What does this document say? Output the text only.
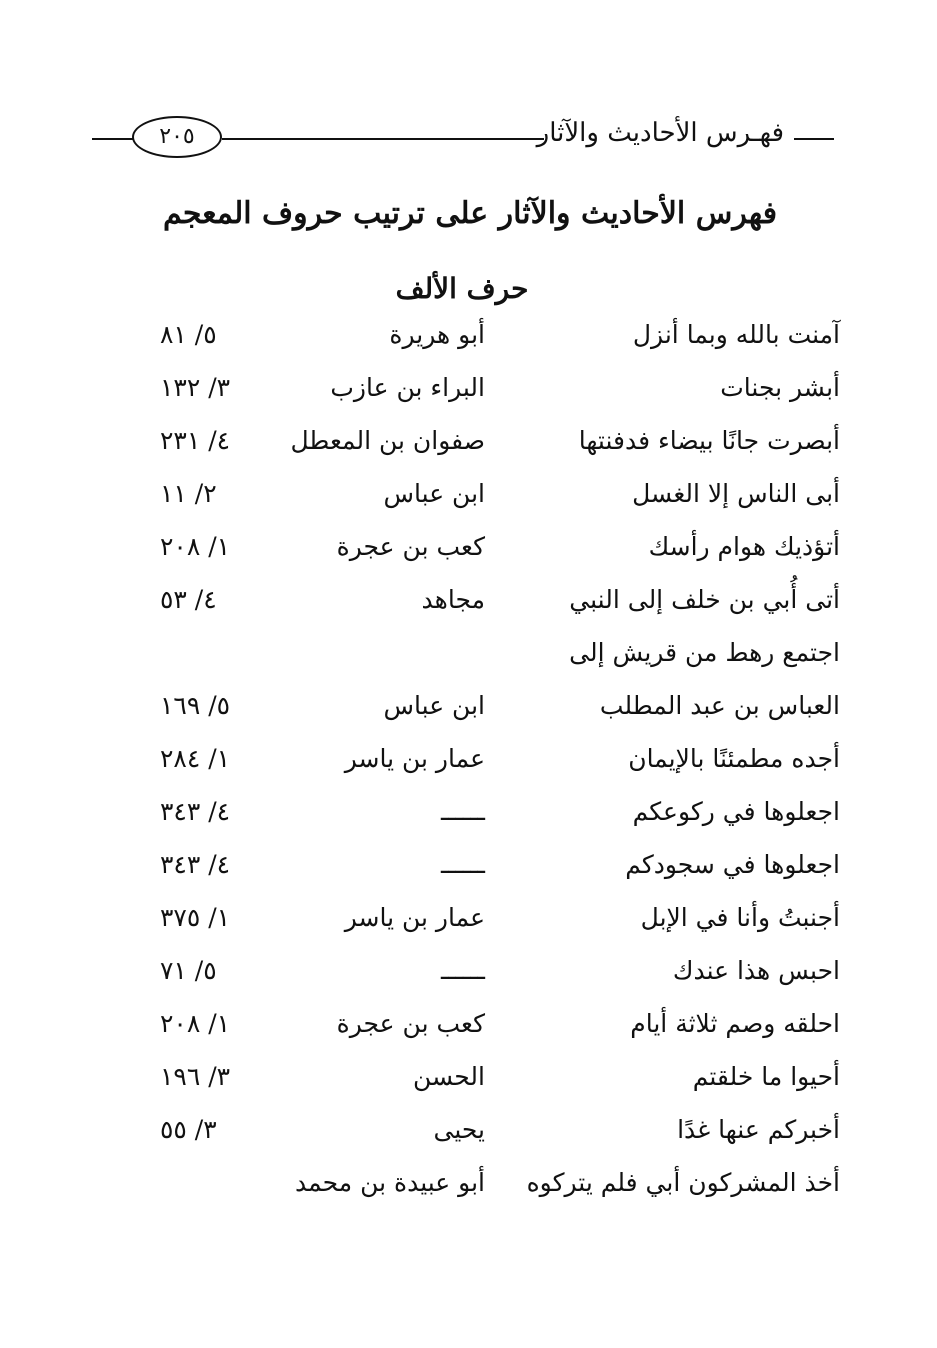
٢٠٥	فهـرس الأحاديث والآثار
فهرس الأحاديث والآثار على ترتيب حروف المعجم
حرف الألف
آمنت بالله وبما أنزل
أبو هريرة
٥/ ٨١
أبشر بجنات
البراء بن عازب
٣/ ١٣٢
أبصرت جانًا بيضاء فدفنتها
صفوان بن المعطل
٤/ ٢٣١
أبى الناس إلا الغسل
ابن عباس
٢/ ١١
أتؤذيك هوام رأسك
كعب بن عجرة
١/ ٢٠٨
أتى أُبي بن خلف إلى النبي
مجاهد
٤/ ٥٣
اجتمع رهط من قريش إلى
العباس بن عبد المطلب
ابن عباس
٥/ ١٦٩
أجده مطمئنًا بالإيمان
عمار بن ياسر
١/ ٢٨٤
اجعلوها في ركوعكم
ــــــ
٤/ ٣٤٣
اجعلوها في سجودكم
ــــــ
٤/ ٣٤٣
أجنبتُ وأنا في الإبل
عمار بن ياسر
١/ ٣٧٥
احبس هذا عندك
ــــــ
٥/ ٧١
احلقه وصم ثلاثة أيام
كعب بن عجرة
١/ ٢٠٨
أحيوا ما خلقتم
الحسن
٣/ ١٩٦
أخبركم عنها غدًا
يحيى
٣/ ٥٥
أخذ المشركون أبي فلم يتركوه
أبو عبيدة بن محمد
